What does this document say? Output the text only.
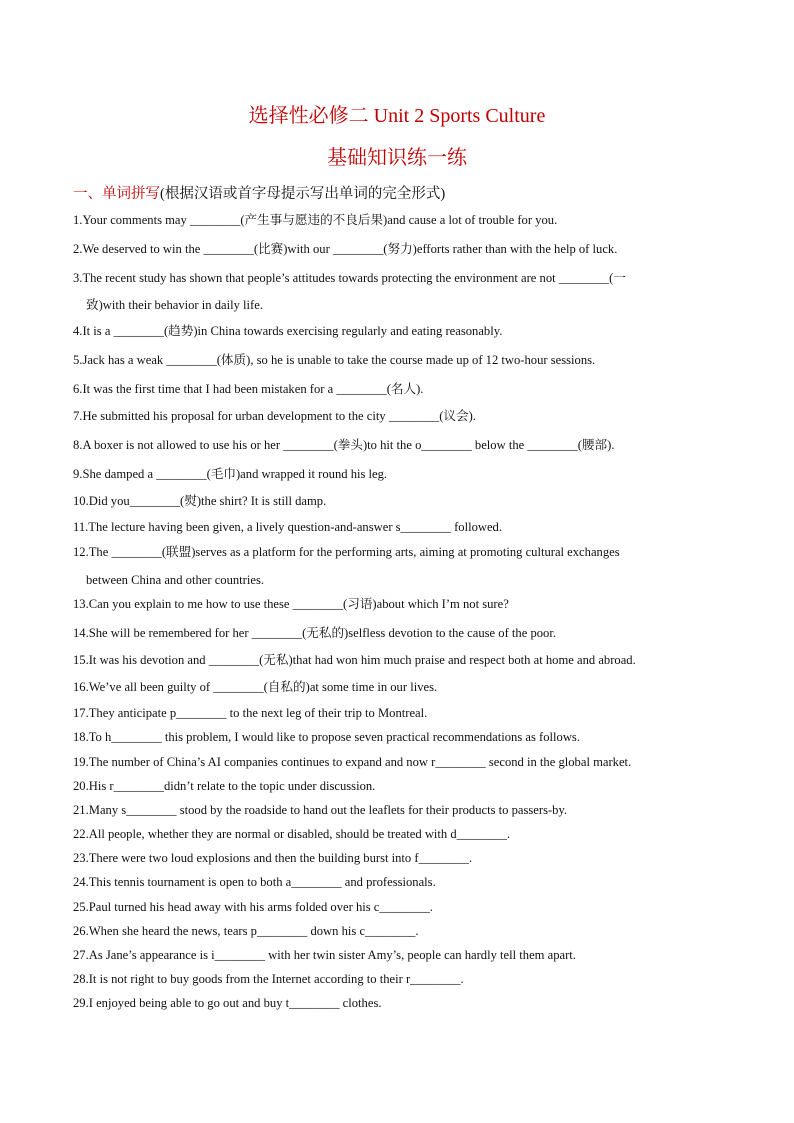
选择性必修二 Unit 2 Sports Culture
基础知识练一练
一、单词拼写(根据汉语或首字母提示写出单词的完全形式)
1.Your comments may ________(产生事与愿违的不良后果)and cause a lot of trouble for you.
2.We deserved to win the ________(比赛)with our ________(努力)efforts rather than with the help of luck.
3.The recent study has shown that people’s attitudes towards protecting the environment are not ________(一
致)with their behavior in daily life.
4.It is a ________(趋势)in China towards exercising regularly and eating reasonably.
5.Jack has a weak ________(体质), so he is unable to take the course made up of 12 two-hour sessions.
6.It was the first time that I had been mistaken for a ________(名人).
7.He submitted his proposal for urban development to the city ________(议会).
8.A boxer is not allowed to use his or her ________(拳头)to hit the o________ below the ________(腰部).
9.She damped a ________(毛巾)and wrapped it round his leg.
10.Did you________(熨)the shirt? It is still damp.
11.The lecture having been given, a lively question-and-answer s________ followed.
12.The ________(联盟)serves as a platform for the performing arts, aiming at promoting cultural exchanges
between China and other countries.
13.Can you explain to me how to use these ________(习语)about which I’m not sure?
14.She will be remembered for her ________(无私的)selfless devotion to the cause of the poor.
15.It was his devotion and ________(无私)that had won him much praise and respect both at home and abroad.
16.We’ve all been guilty of ________(自私的)at some time in our lives.
17.They anticipate p________ to the next leg of their trip to Montreal.
18.To h________ this problem, I would like to propose seven practical recommendations as follows.
19.The number of China’s AI companies continues to expand and now r________ second in the global market.
20.His r________didn’t relate to the topic under discussion.
21.Many s________ stood by the roadside to hand out the leaflets for their products to passers-by.
22.All people, whether they are normal or disabled, should be treated with d________.
23.There were two loud explosions and then the building burst into f________.
24.This tennis tournament is open to both a________ and professionals.
25.Paul turned his head away with his arms folded over his c________.
26.When she heard the news, tears p________ down his c________.
27.As Jane’s appearance is i________ with her twin sister Amy’s, people can hardly tell them apart.
28.It is not right to buy goods from the Internet according to their r________.
29.I enjoyed being able to go out and buy t________ clothes.
